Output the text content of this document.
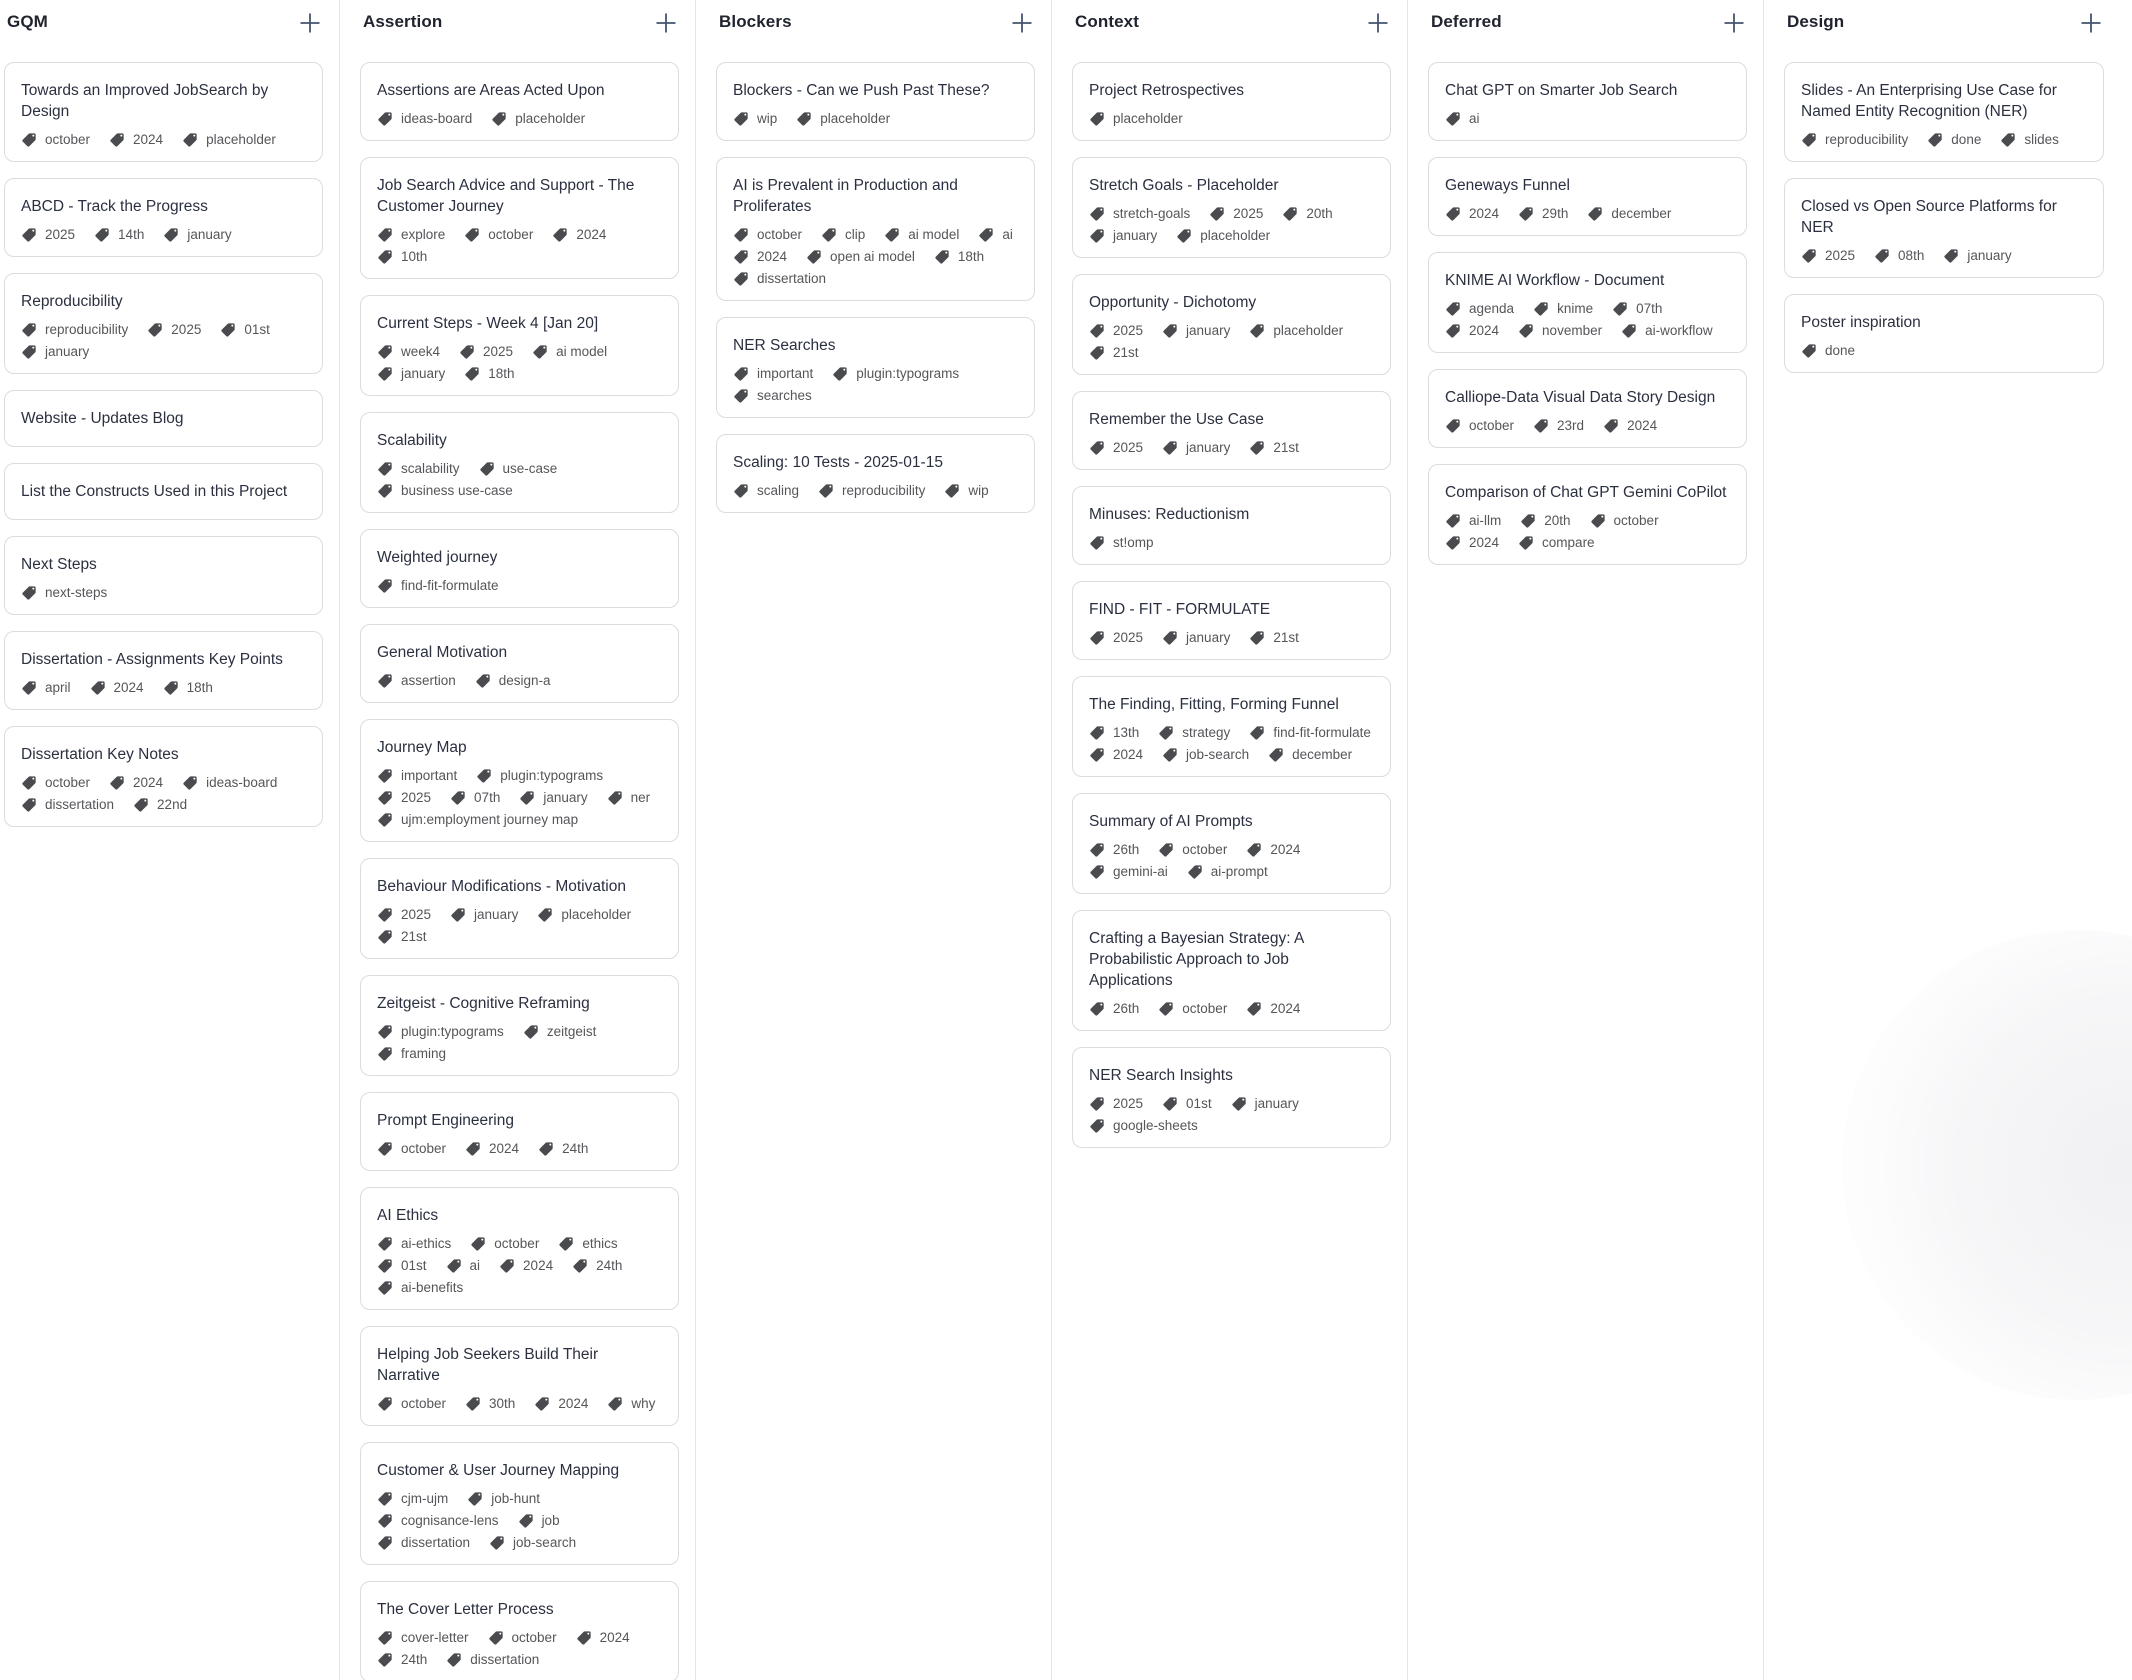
GQM
Towards an Improved JobSearch by Design
october	2024	placeholder
ABCD - Track the Progress
2025	14th	january
Reproducibility
reproducibility	2025	01st
january
Website - Updates Blog
List the Constructs Used in this Project
Next Steps
next-steps
Dissertation - Assignments Key Points
april	2024	18th
Dissertation Key Notes
october	2024	ideas-board
dissertation	22nd
Assertion
Assertions are Areas Acted Upon
ideas-board	placeholder
Job Search Advice and Support - The Customer Journey
explore	october	2024
10th
Current Steps - Week 4 [Jan 20]
week4	2025	ai model
january	18th
Scalability
scalability	use-case
business use-case
Weighted journey
find-fit-formulate
General Motivation
assertion	design-a
Journey Map
important	plugin:typograms
2025	07th	january	ner
ujm:employment journey map
Behaviour Modifications - Motivation
2025	january	placeholder
21st
Zeitgeist - Cognitive Reframing
plugin:typograms	zeitgeist
framing
Prompt Engineering
october	2024	24th
AI Ethics
ai-ethics	october	ethics
01st	ai	2024	24th
ai-benefits
Helping Job Seekers Build Their Narrative
october	30th	2024	why
Customer & User Journey Mapping
cjm-ujm	job-hunt
cognisance-lens	job
dissertation	job-search
The Cover Letter Process
cover-letter	october	2024
24th	dissertation
Blockers
Blockers - Can we Push Past These?
wip	placeholder
AI is Prevalent in Production and Proliferates
october	clip	ai model	ai
2024	open ai model	18th
dissertation
NER Searches
important	plugin:typograms
searches
Scaling: 10 Tests - 2025-01-15
scaling	reproducibility	wip
Context
Project Retrospectives
placeholder
Stretch Goals - Placeholder
stretch-goals	2025	20th
january	placeholder
Opportunity - Dichotomy
2025	january	placeholder
21st
Remember the Use Case
2025	january	21st
Minuses: Reductionism
st!omp
FIND - FIT - FORMULATE
2025	january	21st
The Finding, Fitting, Forming Funnel
13th	strategy	find-fit-formulate
2024	job-search	december
Summary of AI Prompts
26th	october	2024
gemini-ai	ai-prompt
Crafting a Bayesian Strategy: A Probabilistic Approach to Job Applications
26th	october	2024
NER Search Insights
2025	01st	january
google-sheets
Deferred
Chat GPT on Smarter Job Search
ai
Geneways Funnel
2024	29th	december
KNIME AI Workflow - Document
agenda	knime	07th
2024	november	ai-workflow
Calliope-Data Visual Data Story Design
october	23rd	2024
Comparison of Chat GPT Gemini CoPilot
ai-llm	20th	october
2024	compare
Design
Slides - An Enterprising Use Case for Named Entity Recognition (NER)
reproducibility	done	slides
Closed vs Open Source Platforms for NER
2025	08th	january
Poster inspiration
done
